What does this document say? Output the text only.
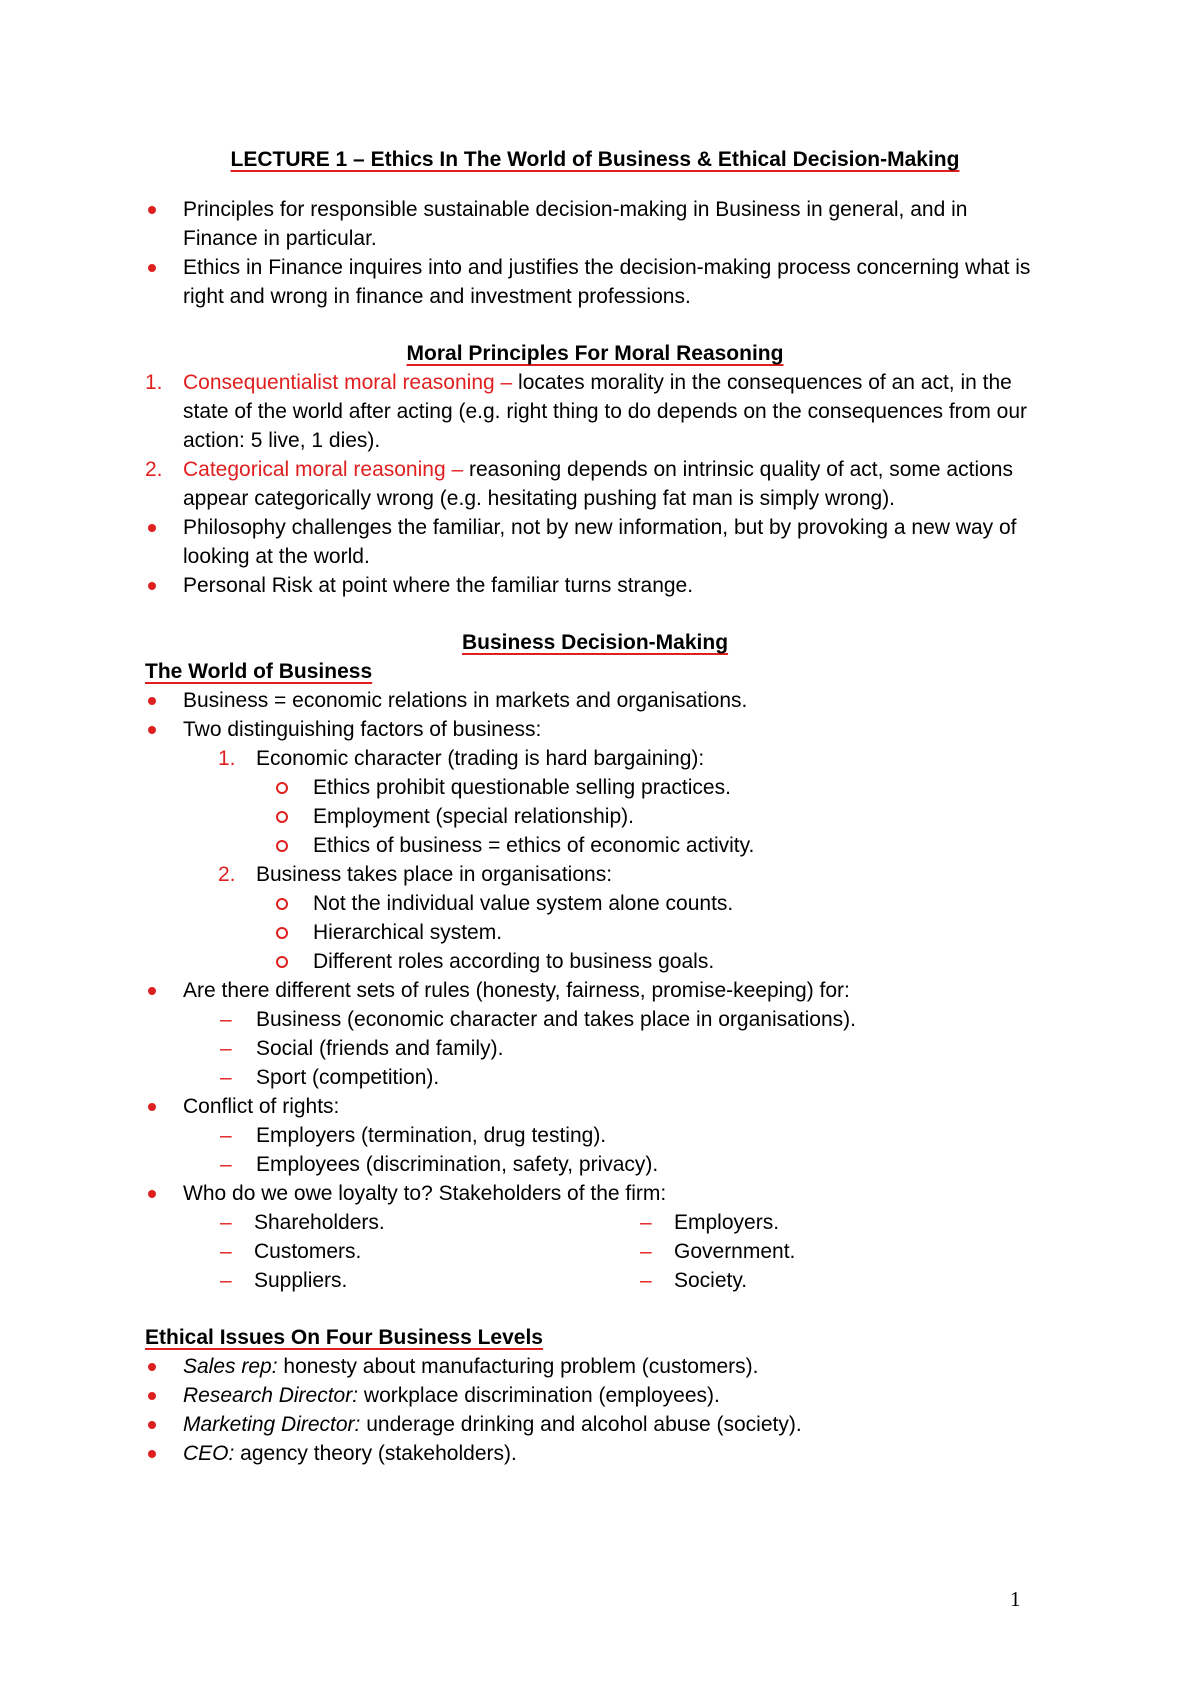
LECTURE 1 – Ethics In The World of Business & Ethical Decision-Making

Principles for responsible sustainable decision-making in Business in general, and in Finance in particular.
Ethics in Finance inquires into and justifies the decision-making process concerning what is right and wrong in finance and investment professions.

Moral Principles For Moral Reasoning

1. Consequentialist moral reasoning – locates morality in the consequences of an act, in the state of the world after acting (e.g. right thing to do depends on the consequences from our action: 5 live, 1 dies).
2. Categorical moral reasoning – reasoning depends on intrinsic quality of act, some actions appear categorically wrong (e.g. hesitating pushing fat man is simply wrong).
Philosophy challenges the familiar, not by new information, but by provoking a new way of looking at the world.
Personal Risk at point where the familiar turns strange.

Business Decision-Making

The World of Business

Business = economic relations in markets and organisations.
Two distinguishing factors of business:
1. Economic character (trading is hard bargaining):
Ethics prohibit questionable selling practices.
Employment (special relationship).
Ethics of business = ethics of economic activity.
2. Business takes place in organisations:
Not the individual value system alone counts.
Hierarchical system.
Different roles according to business goals.
Are there different sets of rules (honesty, fairness, promise-keeping) for:
– Business (economic character and takes place in organisations).
– Social (friends and family).
– Sport (competition).
Conflict of rights:
– Employers (termination, drug testing).
– Employees (discrimination, safety, privacy).
Who do we owe loyalty to? Stakeholders of the firm:
– Shareholders.	– Employers.
– Customers.	– Government.
– Suppliers.	– Society.

Ethical Issues On Four Business Levels

Sales rep: honesty about manufacturing problem (customers).
Research Director: workplace discrimination (employees).
Marketing Director: underage drinking and alcohol abuse (society).
CEO: agency theory (stakeholders).
1
